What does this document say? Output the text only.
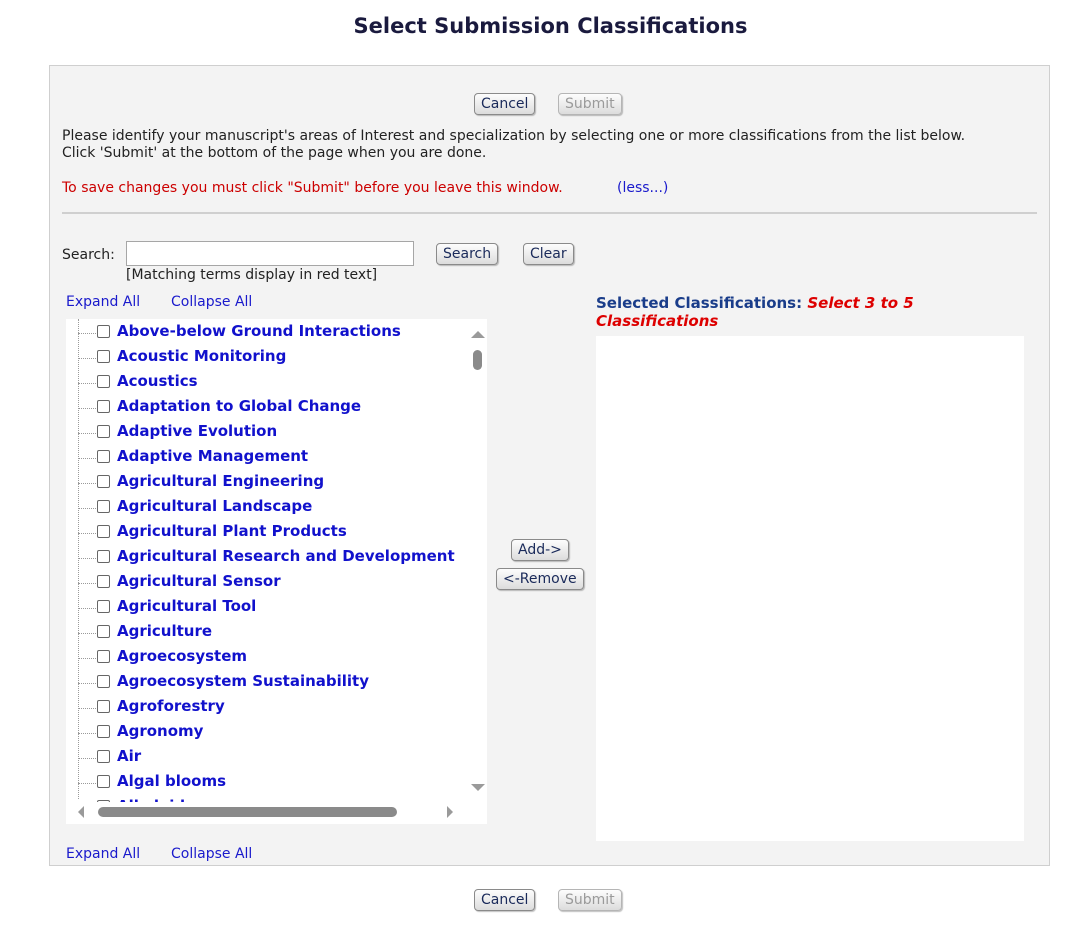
Select Submission Classifications
Cancel	Submit
Please identify your manuscript's areas of Interest and specialization by selecting one or more classifications from the list below.
Click 'Submit' at the bottom of the page when you are done.
To save changes you must click "Submit" before you leave this window.	(less...)
Search:	Search	Clear
[Matching terms display in red text]
Expand All Collapse All
Above-below Ground Interactions
Acoustic Monitoring
Acoustics
Adaptation to Global Change
Adaptive Evolution
Adaptive Management
Agricultural Engineering
Agricultural Landscape
Agricultural Plant Products
Agricultural Research and Development
Agricultural Sensor
Agricultural Tool
Agriculture
Agroecosystem
Agroecosystem Sustainability
Agroforestry
Agronomy
Air
Algal blooms
Add->
<-Remove
Selected Classifications: Select 3 to 5 Classifications
Expand All Collapse All
Cancel	Submit
